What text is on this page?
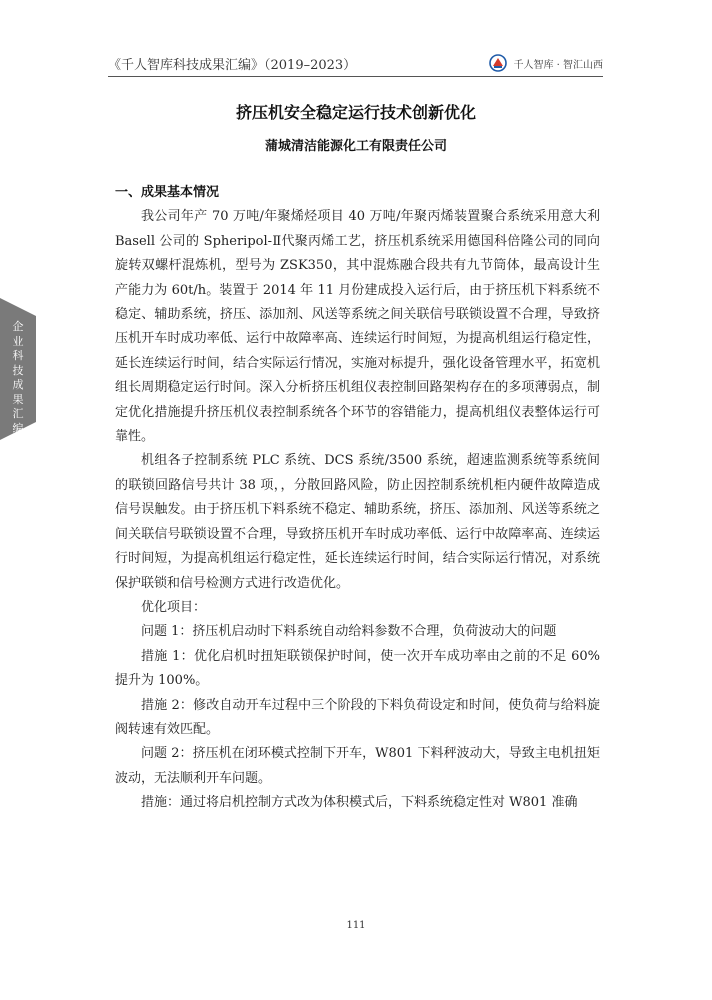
《千人智库科技成果汇编》（2019–2023）	千人智库 · 智汇山西
企业科技成果汇编
挤压机安全稳定运行技术创新优化
蒲城清洁能源化工有限责任公司
一、成果基本情况

我公司年产 70 万吨/年聚烯烃项目 40 万吨/年聚丙烯装置聚合系统采用意大利 Basell 公司的 Spheripol-Ⅱ代聚丙烯工艺，挤压机系统采用德国科倍隆公司的同向旋转双螺杆混炼机，型号为 ZSK350，其中混炼融合段共有九节筒体，最高设计生产能力为 60t/h。装置于 2014 年 11 月份建成投入运行后，由于挤压机下料系统不稳定、辅助系统，挤压、添加剂、风送等系统之间关联信号联锁设置不合理，导致挤压机开车时成功率低、运行中故障率高、连续运行时间短，为提高机组运行稳定性，延长连续运行时间，结合实际运行情况，实施对标提升，强化设备管理水平，拓宽机组长周期稳定运行时间。深入分析挤压机组仪表控制回路架构存在的多项薄弱点，制定优化措施提升挤压机仪表控制系统各个环节的容错能力，提高机组仪表整体运行可靠性。

机组各子控制系统 PLC 系统、DCS 系统/3500 系统，超速监测系统等系统间的联锁回路信号共计 38 项，，分散回路风险，防止因控制系统机柜内硬件故障造成信号误触发。由于挤压机下料系统不稳定、辅助系统，挤压、添加剂、风送等系统之间关联信号联锁设置不合理，导致挤压机开车时成功率低、运行中故障率高、连续运行时间短，为提高机组运行稳定性，延长连续运行时间，结合实际运行情况，对系统保护联锁和信号检测方式进行改造优化。

优化项目：

问题 1：挤压机启动时下料系统自动给料参数不合理，负荷波动大的问题

措施 1：优化启机时扭矩联锁保护时间，使一次开车成功率由之前的不足 60%提升为 100%。

措施 2：修改自动开车过程中三个阶段的下料负荷设定和时间，使负荷与给料旋阀转速有效匹配。

问题 2：挤压机在闭环模式控制下开车，W801 下料秤波动大，导致主电机扭矩波动，无法顺利开车问题。

措施：通过将启机控制方式改为体积模式后，下料系统稳定性对 W801 准确

111
